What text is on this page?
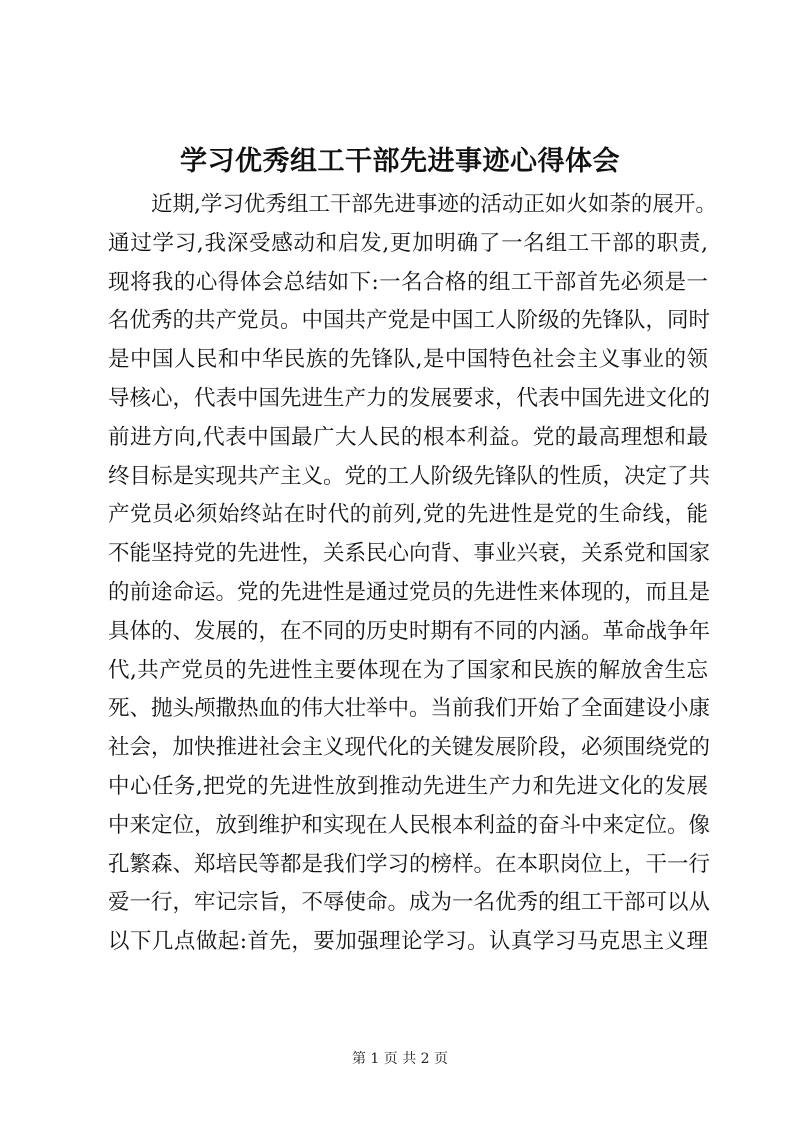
学习优秀组工干部先进事迹心得体会
近期,学习优秀组工干部先进事迹的活动正如火如荼的展开。
通过学习,我深受感动和启发,更加明确了一名组工干部的职责,
现将我的心得体会总结如下:一名合格的组工干部首先必须是一
名优秀的共产党员。中国共产党是中国工人阶级的先锋队，同时
是中国人民和中华民族的先锋队,是中国特色社会主义事业的领
导核心，代表中国先进生产力的发展要求，代表中国先进文化的
前进方向,代表中国最广大人民的根本利益。党的最高理想和最
终目标是实现共产主义。党的工人阶级先锋队的性质，决定了共
产党员必须始终站在时代的前列,党的先进性是党的生命线，能
不能坚持党的先进性，关系民心向背、事业兴衰，关系党和国家
的前途命运。党的先进性是通过党员的先进性来体现的，而且是
具体的、发展的，在不同的历史时期有不同的内涵。革命战争年
代,共产党员的先进性主要体现在为了国家和民族的解放舍生忘
死、抛头颅撒热血的伟大壮举中。当前我们开始了全面建设小康
社会，加快推进社会主义现代化的关键发展阶段，必须围绕党的
中心任务,把党的先进性放到推动先进生产力和先进文化的发展
中来定位，放到维护和实现在人民根本利益的奋斗中来定位。像
孔繁森、郑培民等都是我们学习的榜样。在本职岗位上，干一行
爱一行，牢记宗旨，不辱使命。成为一名优秀的组工干部可以从
以下几点做起:首先，要加强理论学习。认真学习马克思主义理
第 1 页 共 2 页
